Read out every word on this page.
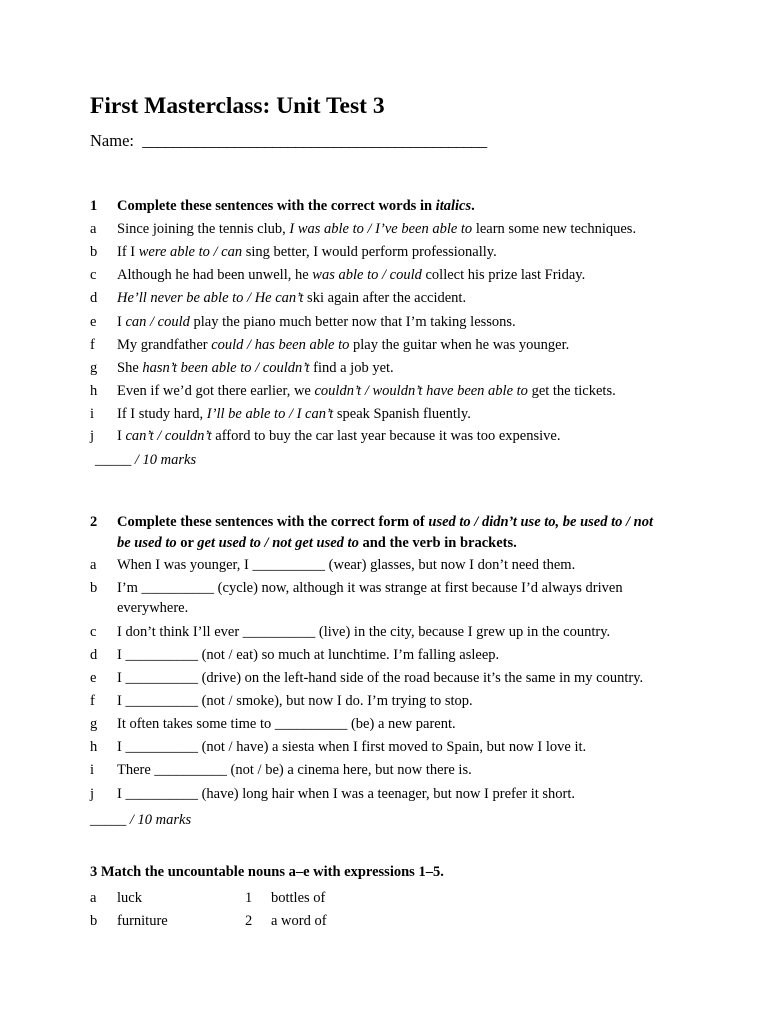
First Masterclass: Unit Test 3
Name: _____________________________________________
1 Complete these sentences with the correct words in italics.
a Since joining the tennis club, I was able to / I’ve been able to learn some new techniques.
b If I were able to / can sing better, I would perform professionally.
c Although he had been unwell, he was able to / could collect his prize last Friday.
d He’ll never be able to / He can’t ski again after the accident.
e I can / could play the piano much better now that I’m taking lessons.
f My grandfather could / has been able to play the guitar when he was younger.
g She hasn’t been able to / couldn’t find a job yet.
h Even if we’d got there earlier, we couldn’t / wouldn’t have been able to get the tickets.
i If I study hard, I’ll be able to / I can’t speak Spanish fluently.
j I can’t / couldn’t afford to buy the car last year because it was too expensive.
_____ / 10 marks
2 Complete these sentences with the correct form of used to / didn’t use to, be used to / not
be used to or get used to / not get used to and the verb in brackets.
a When I was younger, I __________ (wear) glasses, but now I don’t need them.
b I’m __________ (cycle) now, although it was strange at first because I’d always driven
everywhere.
c I don’t think I’ll ever __________ (live) in the city, because I grew up in the country.
d I __________ (not / eat) so much at lunchtime. I’m falling asleep.
e I __________ (drive) on the left-hand side of the road because it’s the same in my country.
f I __________ (not / smoke), but now I do. I’m trying to stop.
g It often takes some time to __________ (be) a new parent.
h I __________ (not / have) a siesta when I first moved to Spain, but now I love it.
i There __________ (not / be) a cinema here, but now there is.
j I __________ (have) long hair when I was a teenager, but now I prefer it short.
_____ / 10 marks
3 Match the uncountable nouns a–e with expressions 1–5.
a luck	1 bottles of
b furniture	2 a word of
